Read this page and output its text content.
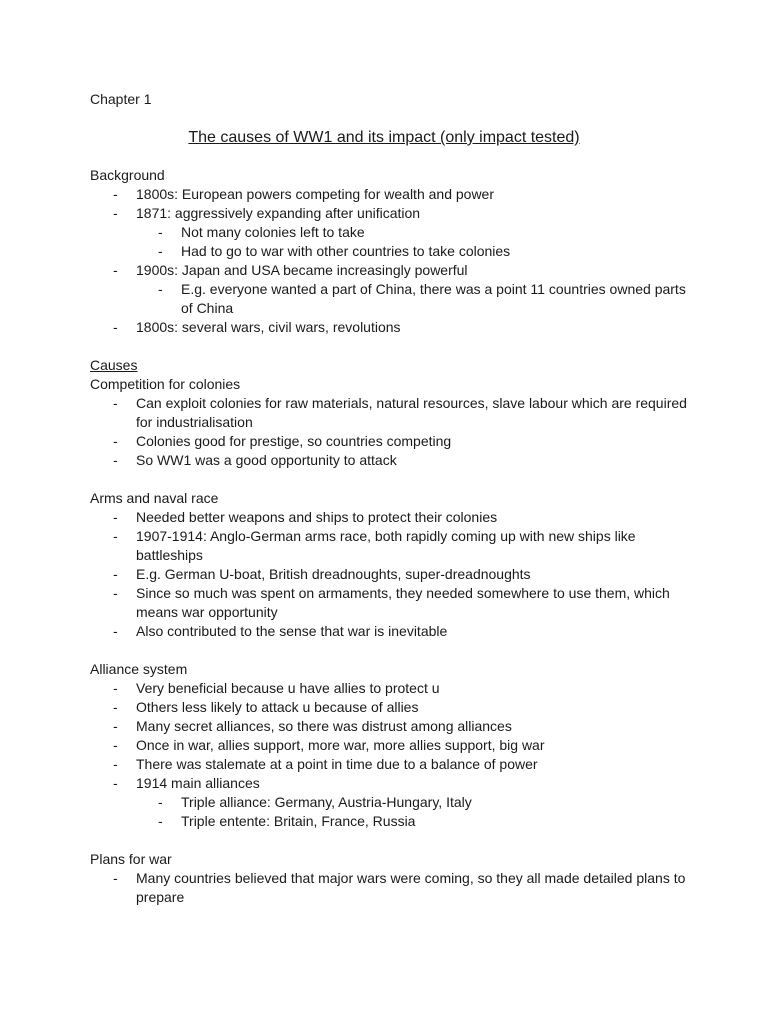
Chapter 1
The causes of WW1 and its impact (only impact tested)
Background
- 1800s: European powers competing for wealth and power
- 1871: aggressively expanding after unification
- Not many colonies left to take
- Had to go to war with other countries to take colonies
- 1900s: Japan and USA became increasingly powerful
- E.g. everyone wanted a part of China, there was a point 11 countries owned parts of China
- 1800s: several wars, civil wars, revolutions
Causes
Competition for colonies
- Can exploit colonies for raw materials, natural resources, slave labour which are required for industrialisation
- Colonies good for prestige, so countries competing
- So WW1 was a good opportunity to attack
Arms and naval race
- Needed better weapons and ships to protect their colonies
- 1907-1914: Anglo-German arms race, both rapidly coming up with new ships like battleships
- E.g. German U-boat, British dreadnoughts, super-dreadnoughts
- Since so much was spent on armaments, they needed somewhere to use them, which means war opportunity
- Also contributed to the sense that war is inevitable
Alliance system
- Very beneficial because u have allies to protect u
- Others less likely to attack u because of allies
- Many secret alliances, so there was distrust among alliances
- Once in war, allies support, more war, more allies support, big war
- There was stalemate at a point in time due to a balance of power
- 1914 main alliances
- Triple alliance: Germany, Austria-Hungary, Italy
- Triple entente: Britain, France, Russia
Plans for war
- Many countries believed that major wars were coming, so they all made detailed plans to prepare
